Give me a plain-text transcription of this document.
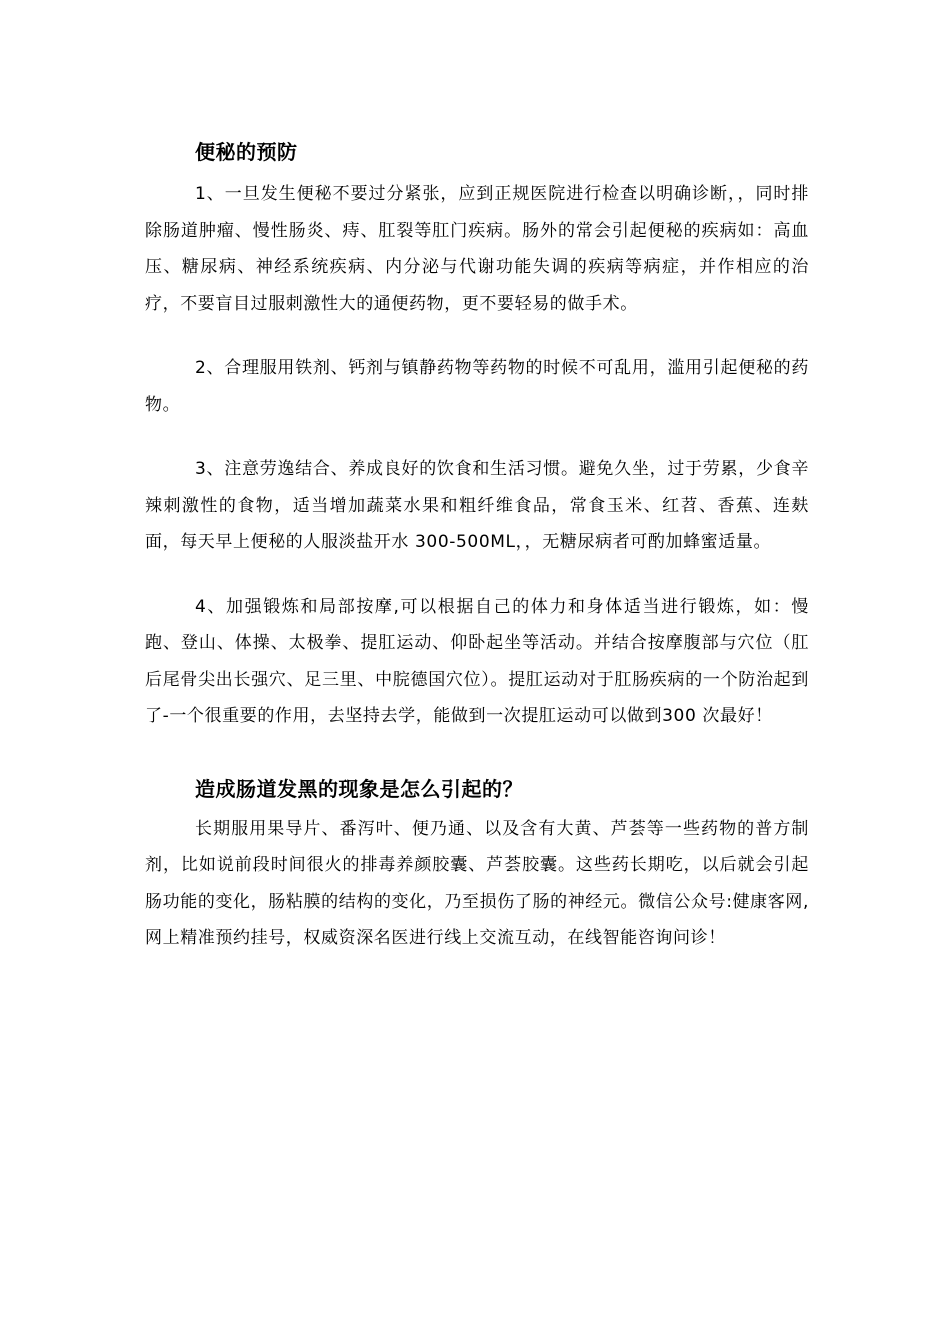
便秘的预防

1、一旦发生便秘不要过分紧张，应到正规医院进行检查以明确诊断，，同时排除肠道肿瘤、慢性肠炎、痔、肛裂等肛门疾病。肠外的常会引起便秘的疾病如：高血压、糖尿病、神经系统疾病、内分泌与代谢功能失调的疾病等病症，并作相应的治疗，不要盲目过服刺激性大的通便药物，更不要轻易的做手术。

2、合理服用铁剂、钙剂与镇静药物等药物的时候不可乱用，滥用引起便秘的药物。

3、注意劳逸结合、养成良好的饮食和生活习惯。避免久坐，过于劳累，少食辛辣刺激性的食物，适当增加蔬菜水果和粗纤维食品，常食玉米、红苕、香蕉、连麸面，每天早上便秘的人服淡盐开水 300-500ML，，无糖尿病者可酌加蜂蜜适量。

4、加强锻炼和局部按摩,可以根据自己的体力和身体适当进行锻炼，如：慢跑、登山、体操、太极拳、提肛运动、仰卧起坐等活动。并结合按摩腹部与穴位（肛后尾骨尖出长强穴、足三里、中脘德国穴位）。提肛运动对于肛肠疾病的一个防治起到了-一个很重要的作用，去坚持去学，能做到一次提肛运动可以做到300 次最好！

造成肠道发黑的现象是怎么引起的？

长期服用果导片、番泻叶、便乃通、以及含有大黄、芦荟等一些药物的普方制剂，比如说前段时间很火的排毒养颜胶囊、芦荟胶囊。这些药长期吃，以后就会引起肠功能的变化，肠粘膜的结构的变化，乃至损伤了肠的神经元。微信公众号:健康客网,网上精准预约挂号，权威资深名医进行线上交流互动，在线智能咨询问诊！
